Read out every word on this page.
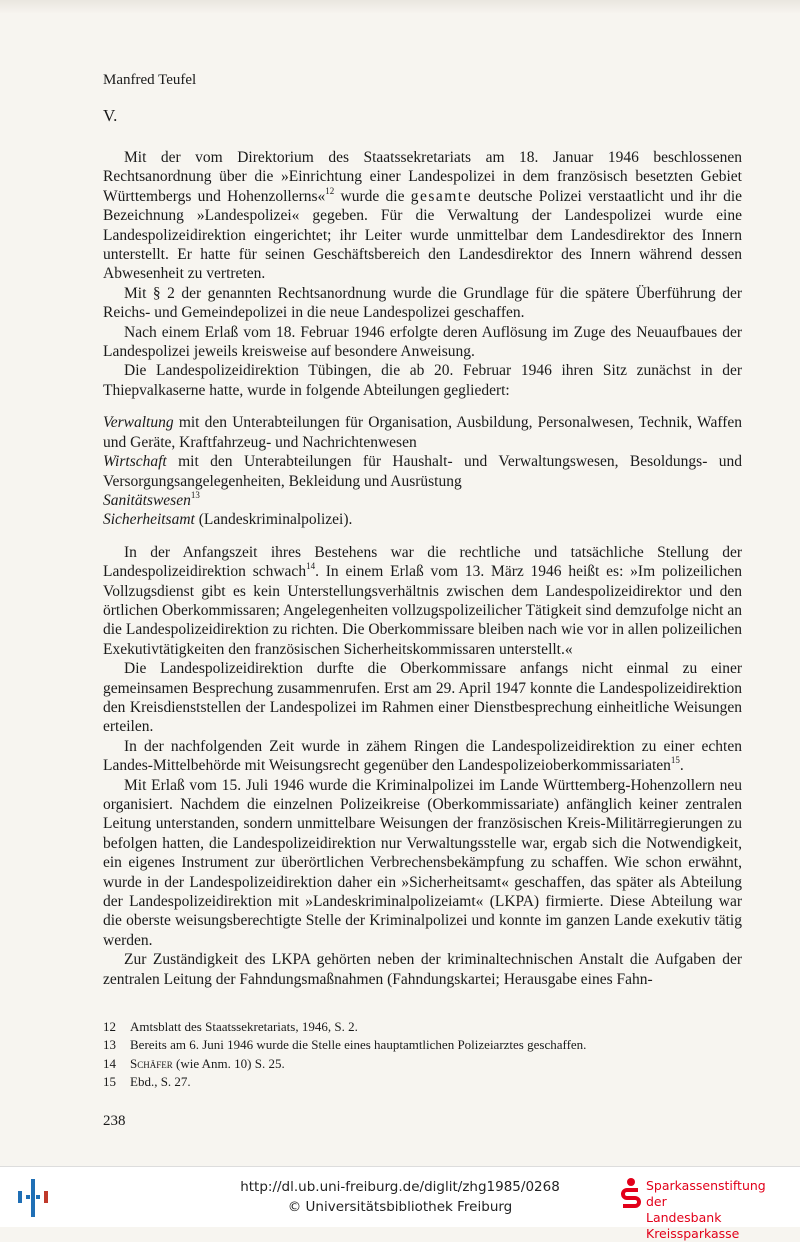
Manfred Teufel
V.

Mit der vom Direktorium des Staatssekretariats am 18. Januar 1946 beschlossenen Rechtsanordnung über die »Einrichtung einer Landespolizei in dem französisch besetzten Gebiet Württembergs und Hohenzollerns«$^{12}$ wurde die gesamte deutsche Polizei verstaatlicht und ihr die Bezeichnung »Landespolizei« gegeben. Für die Verwaltung der Landespolizei wurde eine Landespolizeidirektion eingerichtet; ihr Leiter wurde unmittelbar dem Landesdirektor des Innern unterstellt. Er hatte für seinen Geschäftsbereich den Landesdirektor des Innern während dessen Abwesenheit zu vertreten.

Mit § 2 der genannten Rechtsanordnung wurde die Grundlage für die spätere Überführung der Reichs- und Gemeindepolizei in die neue Landespolizei geschaffen.

Nach einem Erlaß vom 18. Februar 1946 erfolgte deren Auflösung im Zuge des Neuaufbaues der Landespolizei jeweils kreisweise auf besondere Anweisung.

Die Landespolizeidirektion Tübingen, die ab 20. Februar 1946 ihren Sitz zunächst in der Thiepvalkaserne hatte, wurde in folgende Abteilungen gegliedert:

Verwaltung mit den Unterabteilungen für Organisation, Ausbildung, Personalwesen, Technik, Waffen und Geräte, Kraftfahrzeug- und Nachrichtenwesen

Wirtschaft mit den Unterabteilungen für Haushalt- und Verwaltungswesen, Besoldungs- und Versorgungsangelegenheiten, Bekleidung und Ausrüstung

Sanitätswesen$^{13}$

Sicherheitsamt (Landeskriminalpolizei).

In der Anfangszeit ihres Bestehens war die rechtliche und tatsächliche Stellung der Landespolizeidirektion schwach$^{14}$. In einem Erlaß vom 13. März 1946 heißt es: »Im polizeilichen Vollzugsdienst gibt es kein Unterstellungsverhältnis zwischen dem Landespolizeidirektor und den örtlichen Oberkommissaren; Angelegenheiten vollzugspolizeilicher Tätigkeit sind demzufolge nicht an die Landespolizeidirektion zu richten. Die Oberkommissare bleiben nach wie vor in allen polizeilichen Exekutivtätigkeiten den französischen Sicherheitskommissaren unterstellt.«

Die Landespolizeidirektion durfte die Oberkommissare anfangs nicht einmal zu einer gemeinsamen Besprechung zusammenrufen. Erst am 29. April 1947 konnte die Landespolizeidirektion den Kreisdienststellen der Landespolizei im Rahmen einer Dienstbesprechung einheitliche Weisungen erteilen.

In der nachfolgenden Zeit wurde in zähem Ringen die Landespolizeidirektion zu einer echten Landes-Mittelbehörde mit Weisungsrecht gegenüber den Landespolizeioberkommissariaten$^{15}$.

Mit Erlaß vom 15. Juli 1946 wurde die Kriminalpolizei im Lande Württemberg-Hohenzollern neu organisiert. Nachdem die einzelnen Polizeikreise (Oberkommissariate) anfänglich keiner zentralen Leitung unterstanden, sondern unmittelbare Weisungen der französischen Kreis-Militärregierungen zu befolgen hatten, die Landespolizeidirektion nur Verwaltungsstelle war, ergab sich die Notwendigkeit, ein eigenes Instrument zur überörtlichen Verbrechensbekämpfung zu schaffen. Wie schon erwähnt, wurde in der Landespolizeidirektion daher ein »Sicherheitsamt« geschaffen, das später als Abteilung der Landespolizeidirektion mit »Landeskriminalpolizeiamt« (LKPA) firmierte. Diese Abteilung war die oberste weisungsberechtigte Stelle der Kriminalpolizei und konnte im ganzen Lande exekutiv tätig werden.

Zur Zuständigkeit des LKPA gehörten neben der kriminaltechnischen Anstalt die Aufgaben der zentralen Leitung der Fahndungsmaßnahmen (Fahndungskartei; Herausgabe eines Fahn-

12	Amtsblatt des Staatssekretariats, 1946, S. 2.
13	Bereits am 6. Juni 1946 wurde die Stelle eines hauptamtlichen Polizeiarztes geschaffen.
14	Schäfer (wie Anm. 10) S. 25.
15	Ebd., S. 27.
238
http://dl.ub.uni-freiburg.de/diglit/zhg1985/0268
© Universitätsbibliothek Freiburg
Sparkassenstiftung der
Landesbank Kreissparkasse
